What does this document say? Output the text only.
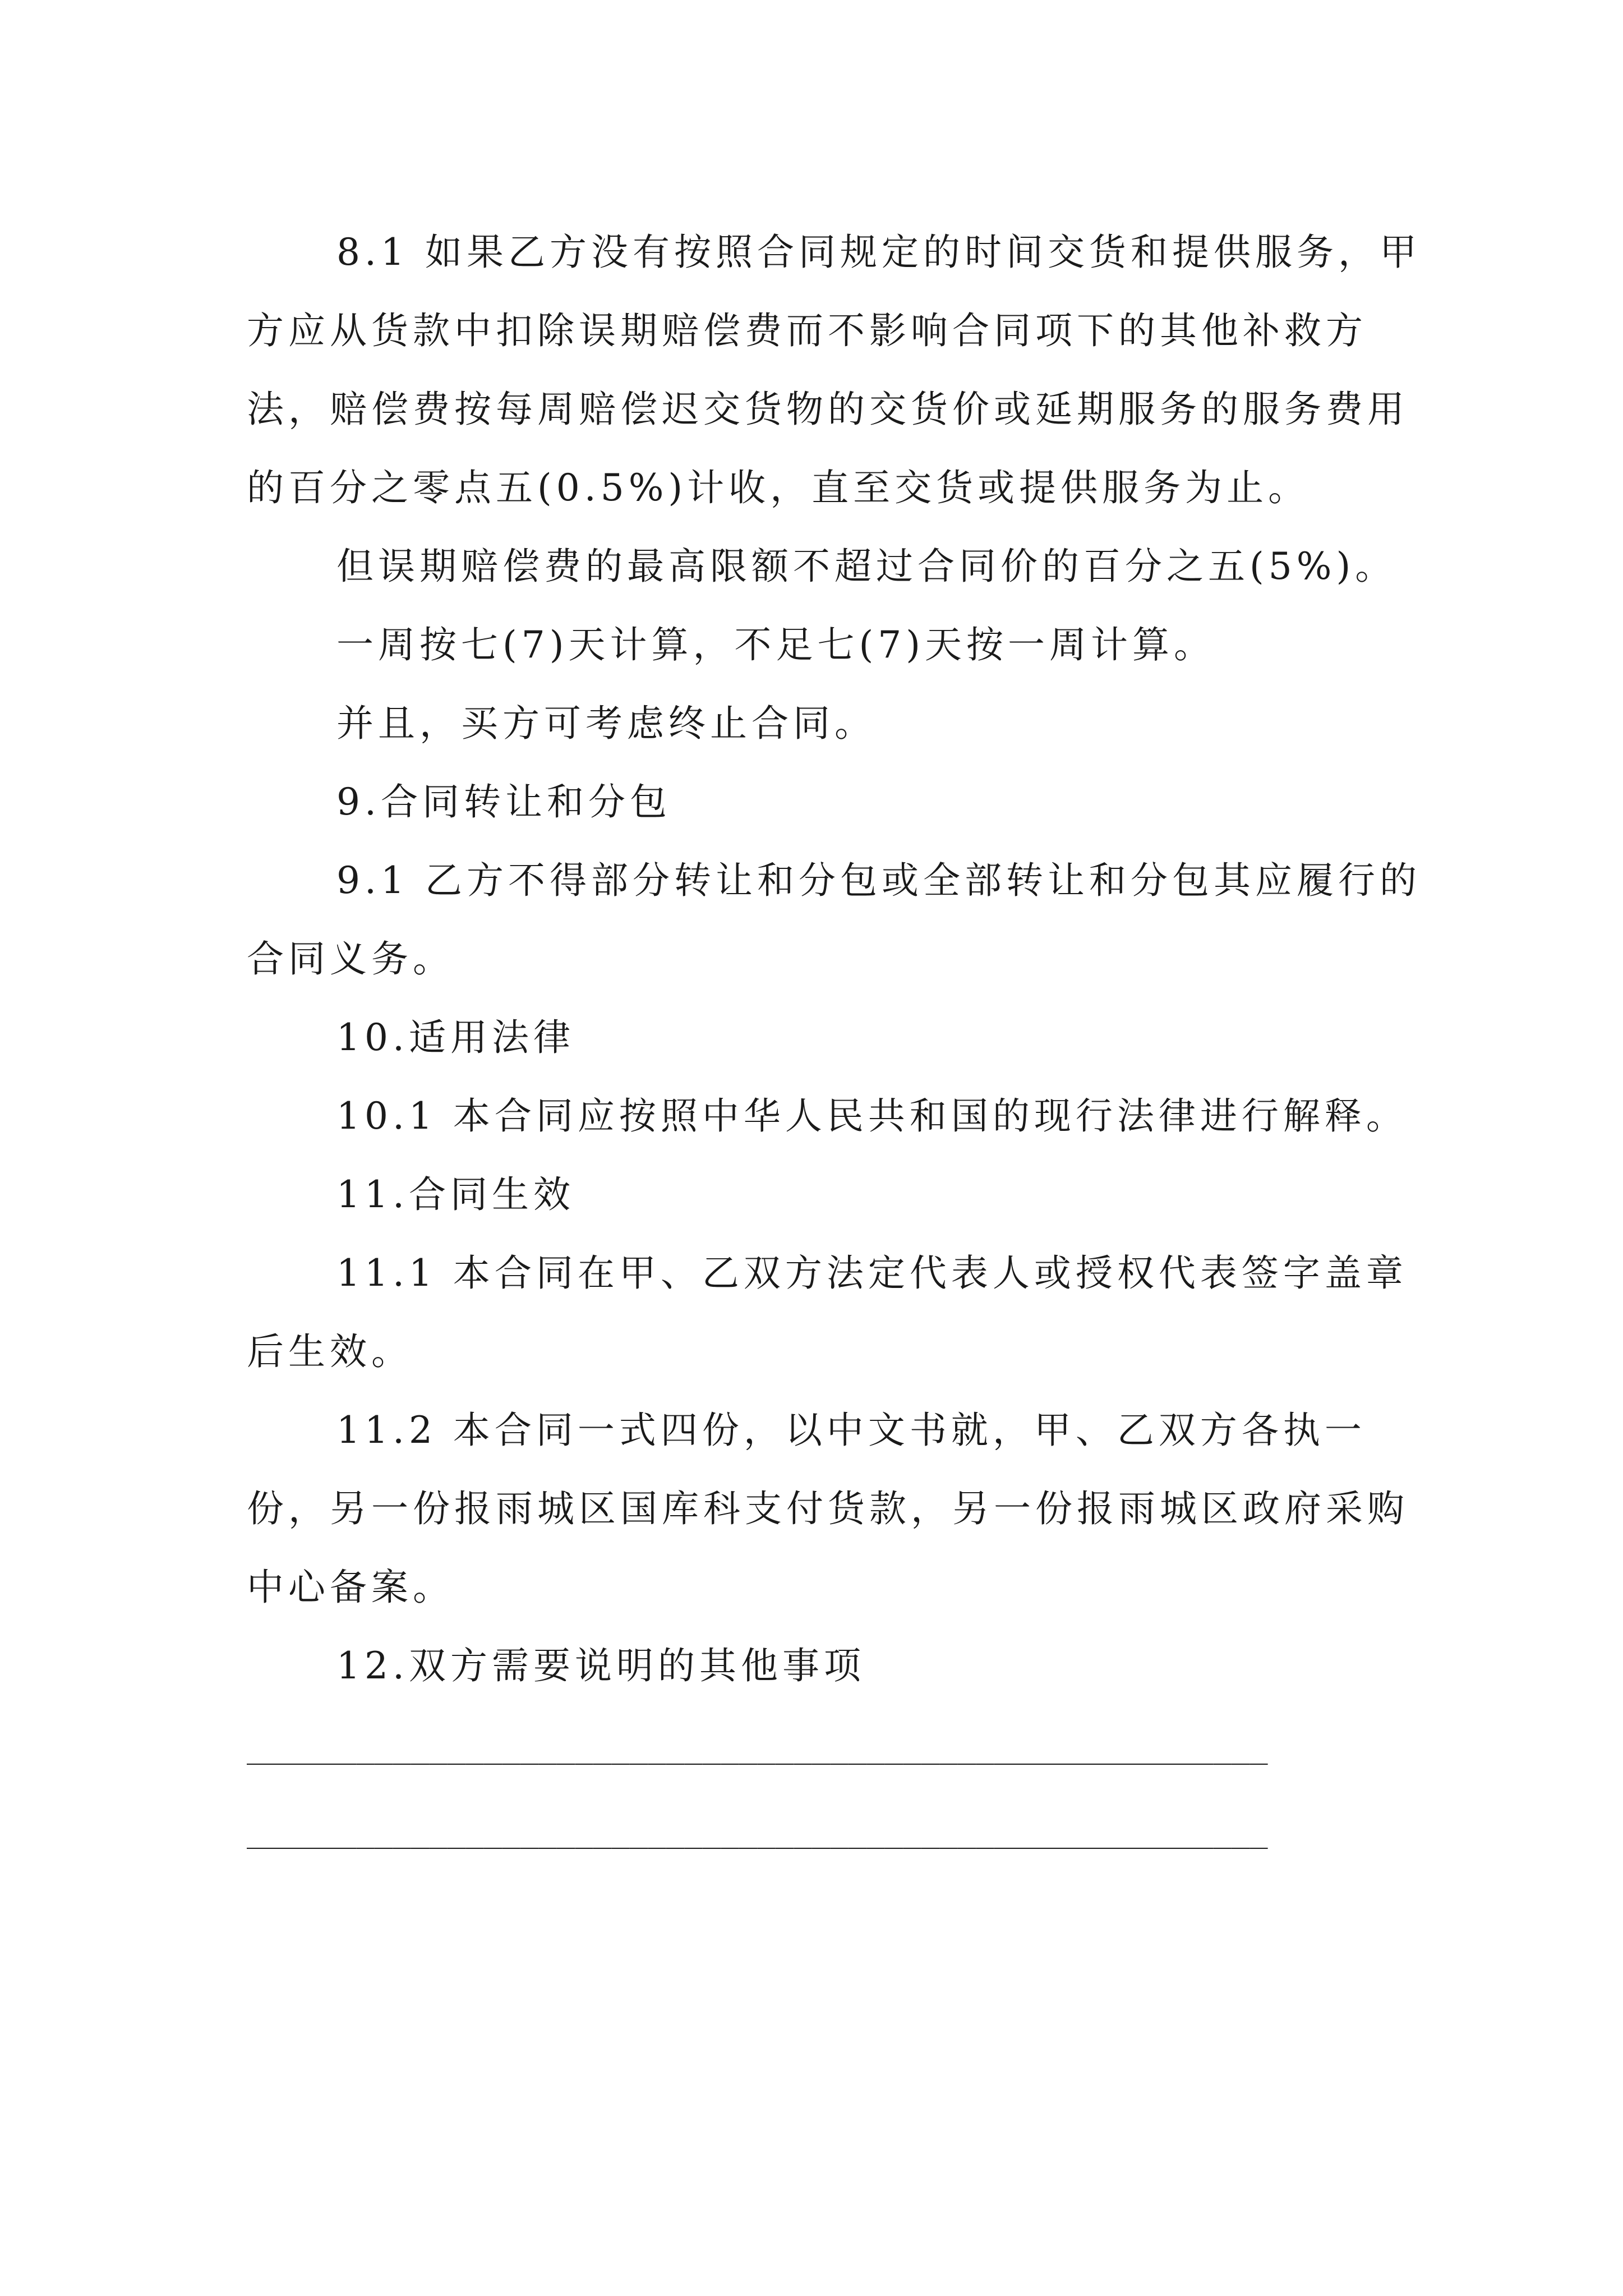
8.1 如果乙方没有按照合同规定的时间交货和提供服务，甲方应从货款中扣除误期赔偿费而不影响合同项下的其他补救方法，赔偿费按每周赔偿迟交货物的交货价或延期服务的服务费用的百分之零点五(0.5%)计收，直至交货或提供服务为止。

但误期赔偿费的最高限额不超过合同价的百分之五(5%)。

一周按七(7)天计算，不足七(7)天按一周计算。

并且，买方可考虑终止合同。

9.合同转让和分包

9.1 乙方不得部分转让和分包或全部转让和分包其应履行的合同义务。

10.适用法律

10.1 本合同应按照中华人民共和国的现行法律进行解释。

11.合同生效

11.1 本合同在甲、乙双方法定代表人或授权代表签字盖章后生效。

11.2 本合同一式四份，以中文书就，甲、乙双方各执一份，另一份报雨城区国库科支付货款，另一份报雨城区政府采购中心备案。

12.双方需要说明的其他事项

________________________________________________________

________________________________________________________
